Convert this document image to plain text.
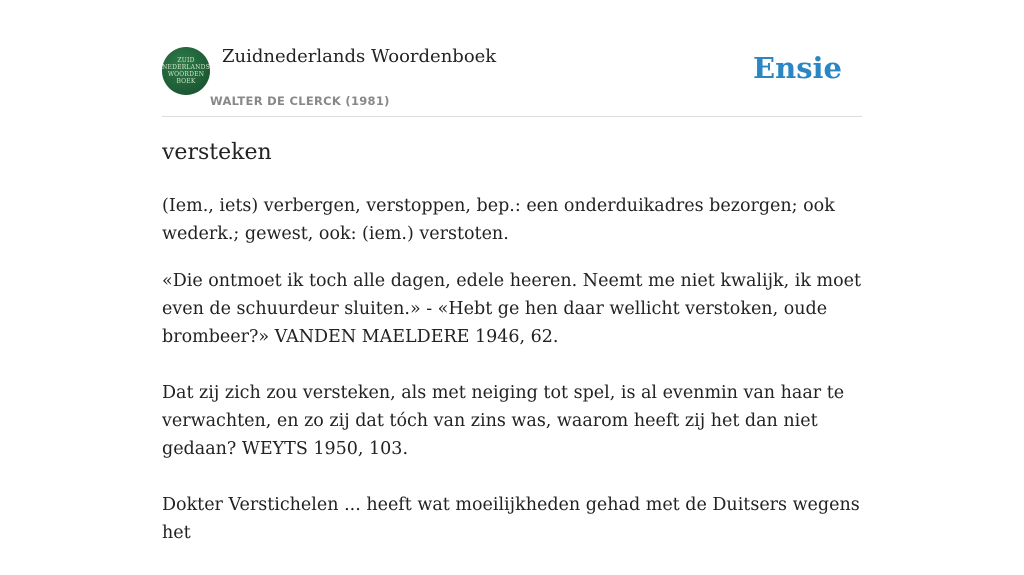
ZUID
NEDERLANDS
WOORDEN
BOEK
Zuidnederlands Woordenboek
WALTER DE CLERCK (1981)
Ensie
versteken

(Iem., iets) verbergen, verstoppen, bep.: een onderduikadres bezorgen; ook wederk.; gewest, ook: (iem.) verstoten.

«Die ontmoet ik toch alle dagen, edele heeren. Neemt me niet kwalijk, ik moet even de schuurdeur sluiten.» - «Hebt ge hen daar wellicht verstoken, oude brombeer?» VANDEN MAELDERE 1946, 62.

Dat zij zich zou versteken, als met neiging tot spel, is al evenmin van haar te verwachten, en zo zij dat tóch van zins was, waarom heeft zij het dan niet gedaan? WEYTS 1950, 103.

Dokter Verstichelen ... heeft wat moeilijkheden gehad met de Duitsers wegens het
